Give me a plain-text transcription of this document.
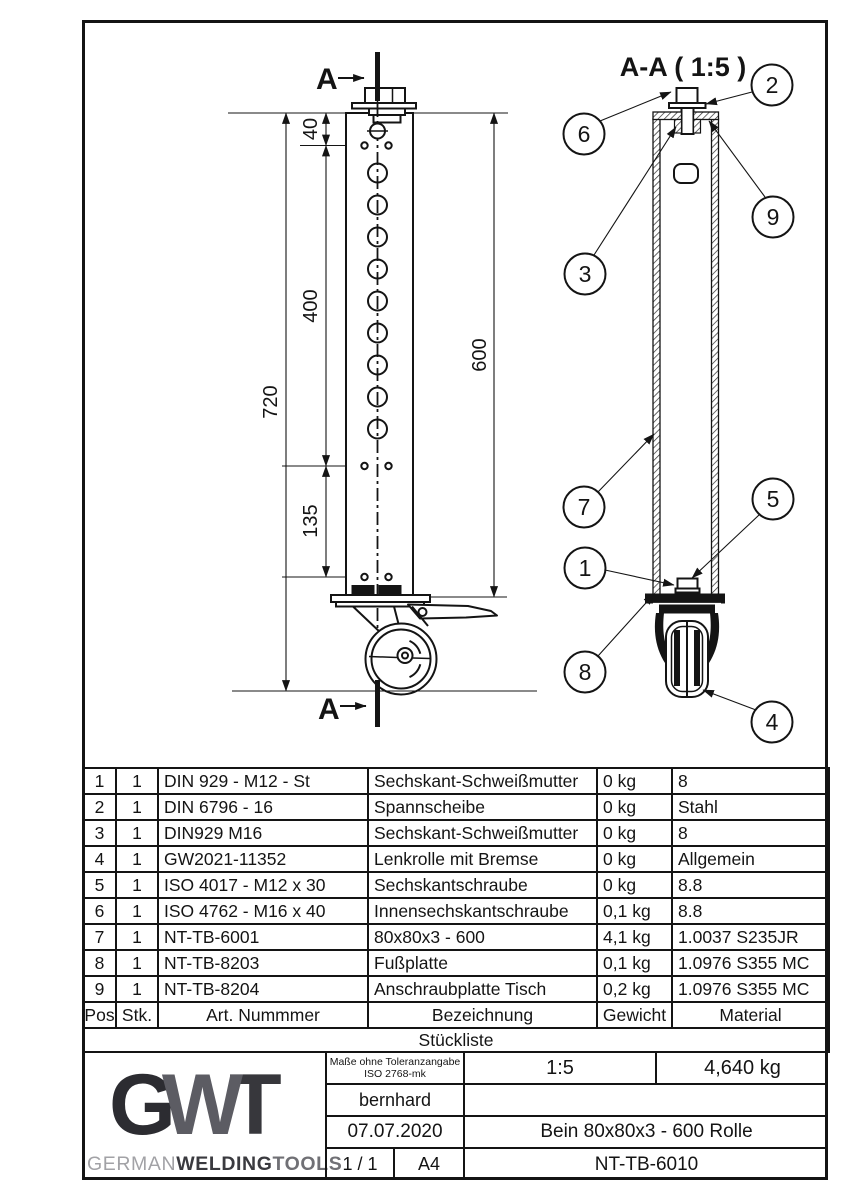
720
40
400
135
600
A
A
A-A ( 1:5 )
1
2
3
4
5
6
7
8
9
1	1	DIN 929 - M12 - St	Sechskant-Schweißmutter	0 kg	8
2	1	DIN 6796 - 16	Spannscheibe	0 kg	Stahl
3	1	DIN929 M16	Sechskant-Schweißmutter	0 kg	8
4	1	GW2021-11352	Lenkrolle mit Bremse	0 kg	Allgemein
5	1	ISO 4017 - M12 x 30	Sechskantschraube	0 kg	8.8
6	1	ISO 4762 - M16 x 40	Innensechskantschraube	0,1 kg	8.8
7	1	NT-TB-6001	80x80x3 - 600	4,1 kg	1.0037 S235JR
8	1	NT-TB-8203	Fußplatte	0,1 kg	1.0976 S355 MC
9	1	NT-TB-8204	Anschraubplatte Tisch	0,2 kg	1.0976 S355 MC
Pos	Stk.	Art. Nummmer	Bezeichnung	Gewicht	Material
Stückliste					
GWT
GERMANWELDINGTOOLS
Maße ohne Toleranzangabe
ISO 2768-mk	1:5	4,640 kg
bernhard
07.07.2020	Bein 80x80x3 - 600 Rolle
1 / 1	A4	NT-TB-6010
